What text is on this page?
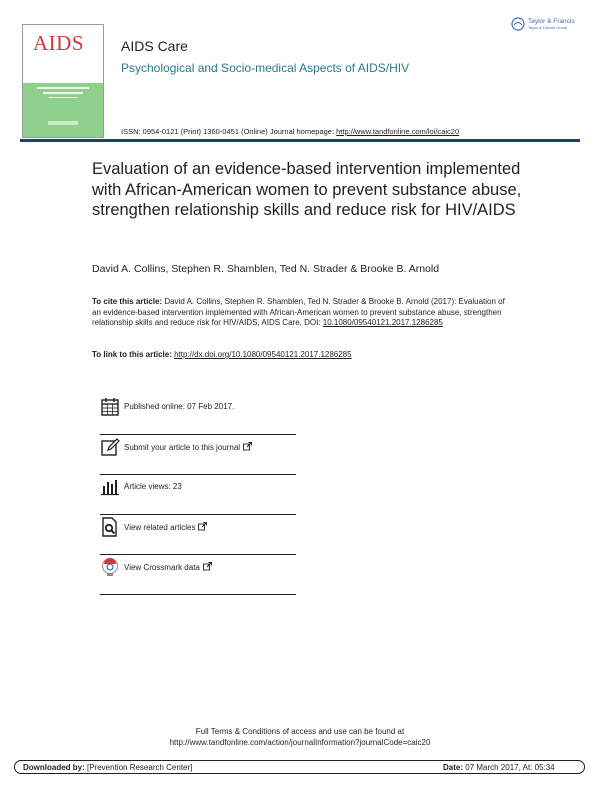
AIDS
care
Taylor & Francis
Taylor & Francis Group
AIDS Care
Psychological and Socio-medical Aspects of AIDS/HIV
ISSN: 0954-0121 (Print) 1360-0451 (Online) Journal homepage: http://www.tandfonline.com/loi/caic20
Evaluation of an evidence-based intervention implemented with African-American women to prevent substance abuse, strengthen relationship skills and reduce risk for HIV/AIDS
David A. Collins, Stephen R. Shamblen, Ted N. Strader & Brooke B. Arnold
To cite this article: David A. Collins, Stephen R. Shamblen, Ted N. Strader & Brooke B. Arnold (2017): Evaluation of an evidence-based intervention implemented with African-American women to prevent substance abuse, strengthen relationship skills and reduce risk for HIV/AIDS, AIDS Care, DOI: 10.1080/09540121.2017.1286285
To link to this article: http://dx.doi.org/10.1080/09540121.2017.1286285
Published online: 07 Feb 2017.
Submit your article to this journal
Article views: 23
View related articles
View Crossmark data
Full Terms & Conditions of access and use can be found at
http://www.tandfonline.com/action/journalInformation?journalCode=caic20
Downloaded by: [Prevention Research Center]	Date: 07 March 2017, At: 05:34
